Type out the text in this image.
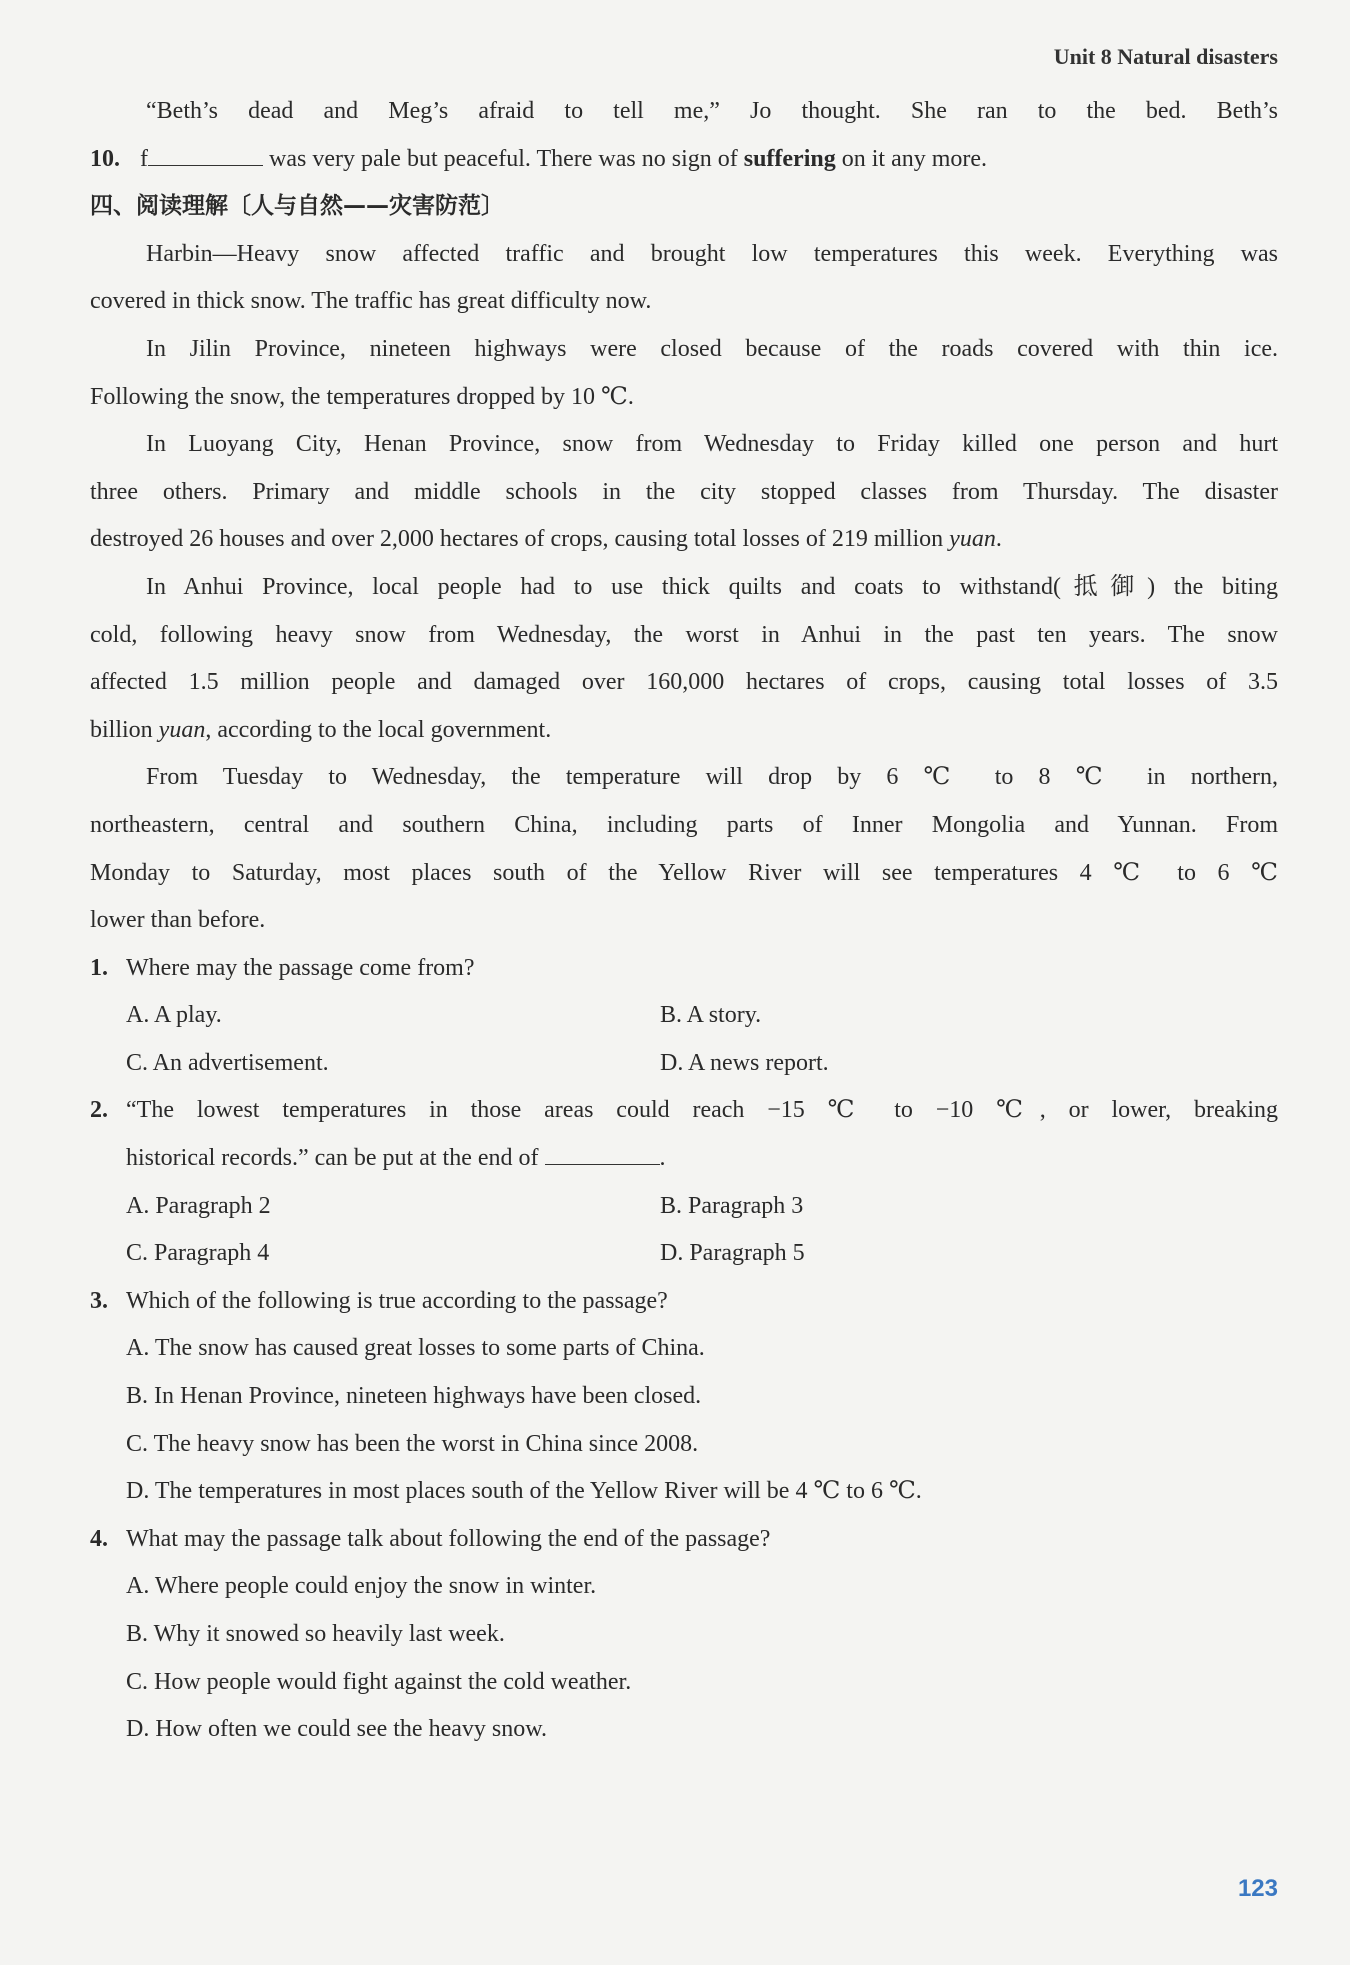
Unit 8 Natural disasters
“Beth’s dead and Meg’s afraid to tell me,” Jo thought. She ran to the bed. Beth’s
10. f	was very pale but peaceful. There was no sign of suffering on it any more.
四、阅读理解〔人与自然——灾害防范〕
Harbin—Heavy snow affected traffic and brought low temperatures this week. Everything was
covered in thick snow. The traffic has great difficulty now.
In Jilin Province, nineteen highways were closed because of the roads covered with thin ice.
Following the snow, the temperatures dropped by 10 ℃.
In Luoyang City, Henan Province, snow from Wednesday to Friday killed one person and hurt
three others. Primary and middle schools in the city stopped classes from Thursday. The disaster
destroyed 26 houses and over 2,000 hectares of crops, causing total losses of 219 million yuan.
In Anhui Province, local people had to use thick quilts and coats to withstand(抵御) the biting
cold, following heavy snow from Wednesday, the worst in Anhui in the past ten years. The snow
affected 1.5 million people and damaged over 160,000 hectares of crops, causing total losses of 3.5
billion yuan, according to the local government.
From Tuesday to Wednesday, the temperature will drop by 6 ℃ to 8 ℃ in northern,
northeastern, central and southern China, including parts of Inner Mongolia and Yunnan. From
Monday to Saturday, most places south of the Yellow River will see temperatures 4 ℃ to 6 ℃
lower than before.
1. Where may the passage come from?
A. A play.	B. A story.
C. An advertisement.	D. A news report.
2. “The lowest temperatures in those areas could reach −15 ℃ to −10 ℃, or lower, breaking
historical records.” can be put at the end of	.
A. Paragraph 2	B. Paragraph 3
C. Paragraph 4	D. Paragraph 5
3. Which of the following is true according to the passage?
A. The snow has caused great losses to some parts of China.
B. In Henan Province, nineteen highways have been closed.
C. The heavy snow has been the worst in China since 2008.
D. The temperatures in most places south of the Yellow River will be 4 ℃ to 6 ℃.
4. What may the passage talk about following the end of the passage?
A. Where people could enjoy the snow in winter.
B. Why it snowed so heavily last week.
C. How people would fight against the cold weather.
D. How often we could see the heavy snow.
123
